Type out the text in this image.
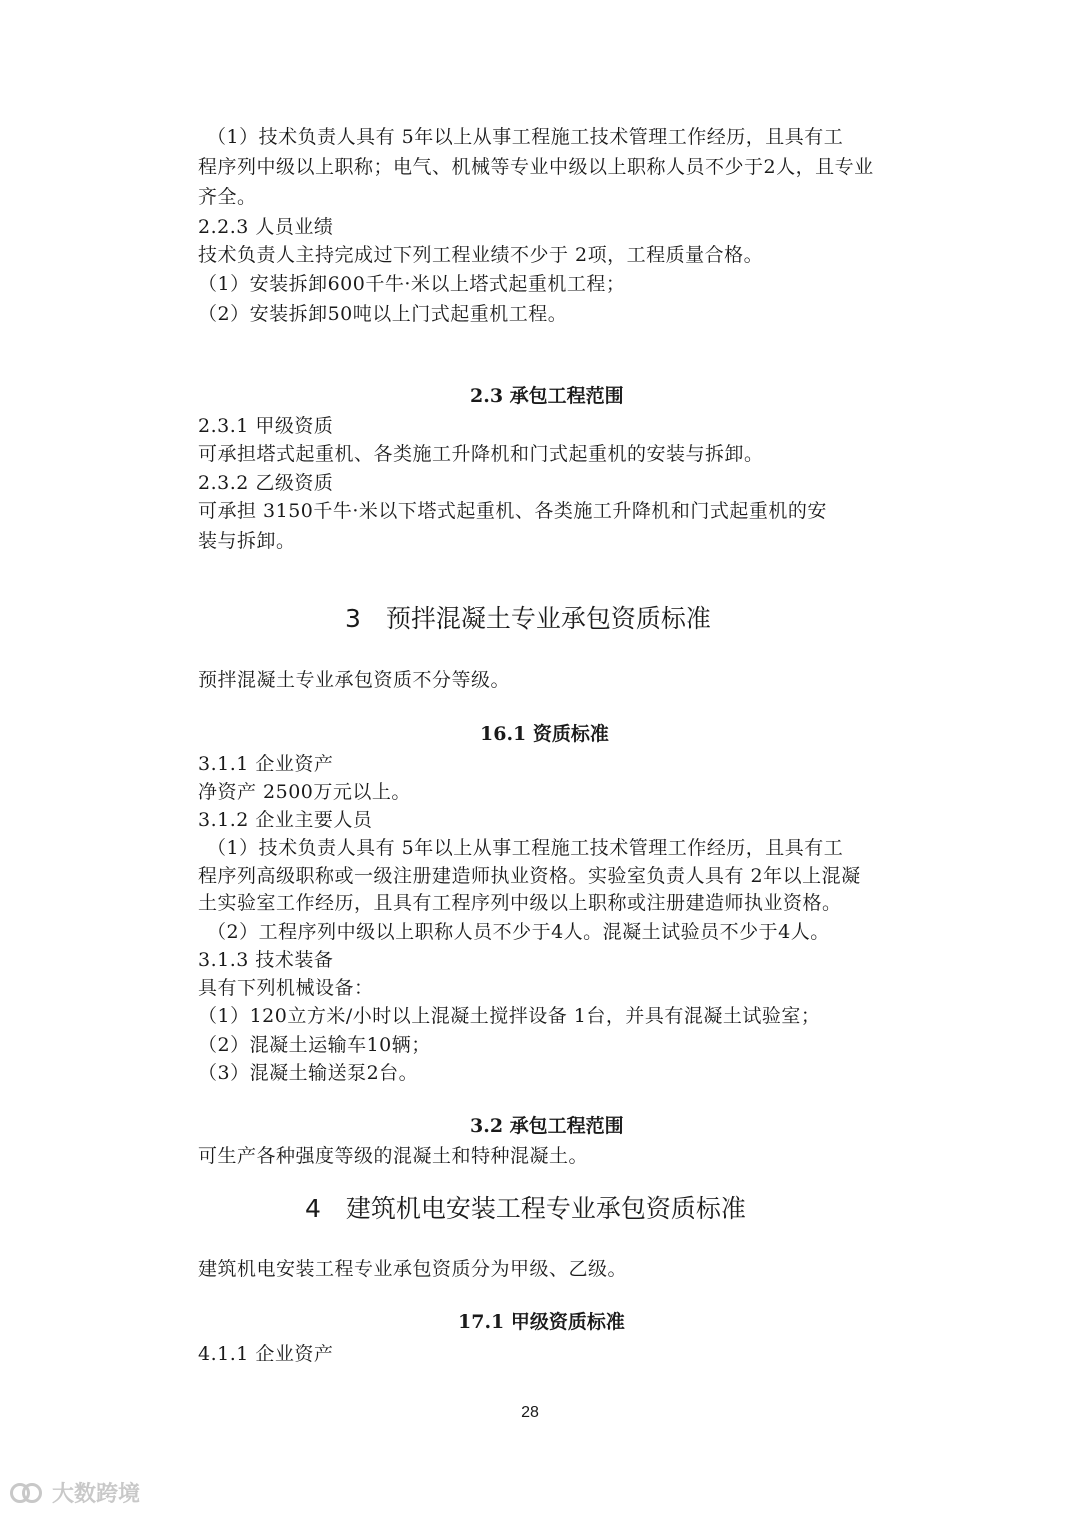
（1）技术负责人具有 5年以上从事工程施工技术管理工作经历，且具有工
程序列中级以上职称；电气、机械等专业中级以上职称人员不少于2人，且专业
齐全。
2.2.3 人员业绩
技术负责人主持完成过下列工程业绩不少于 2项，工程质量合格。
（1）安装拆卸600千牛·米以上塔式起重机工程；
（2）安装拆卸50吨以上门式起重机工程。
2.3 承包工程范围
2.3.1 甲级资质
可承担塔式起重机、各类施工升降机和门式起重机的安装与拆卸。
2.3.2 乙级资质
可承担 3150千牛·米以下塔式起重机、各类施工升降机和门式起重机的安
装与拆卸。
3　预拌混凝土专业承包资质标准
预拌混凝土专业承包资质不分等级。
16.1 资质标准
3.1.1 企业资产
净资产 2500万元以上。
3.1.2 企业主要人员
（1）技术负责人具有 5年以上从事工程施工技术管理工作经历，且具有工
程序列高级职称或一级注册建造师执业资格。实验室负责人具有 2年以上混凝
土实验室工作经历，且具有工程序列中级以上职称或注册建造师执业资格。
（2）工程序列中级以上职称人员不少于4人。混凝土试验员不少于4人。
3.1.3 技术装备
具有下列机械设备：
（1）120立方米/小时以上混凝土搅拌设备 1台，并具有混凝土试验室；
（2）混凝土运输车10辆；
（3）混凝土输送泵2台。
3.2 承包工程范围
可生产各种强度等级的混凝土和特种混凝土。
4　建筑机电安装工程专业承包资质标准
建筑机电安装工程专业承包资质分为甲级、乙级。
17.1 甲级资质标准
4.1.1 企业资产
28
大数跨境
